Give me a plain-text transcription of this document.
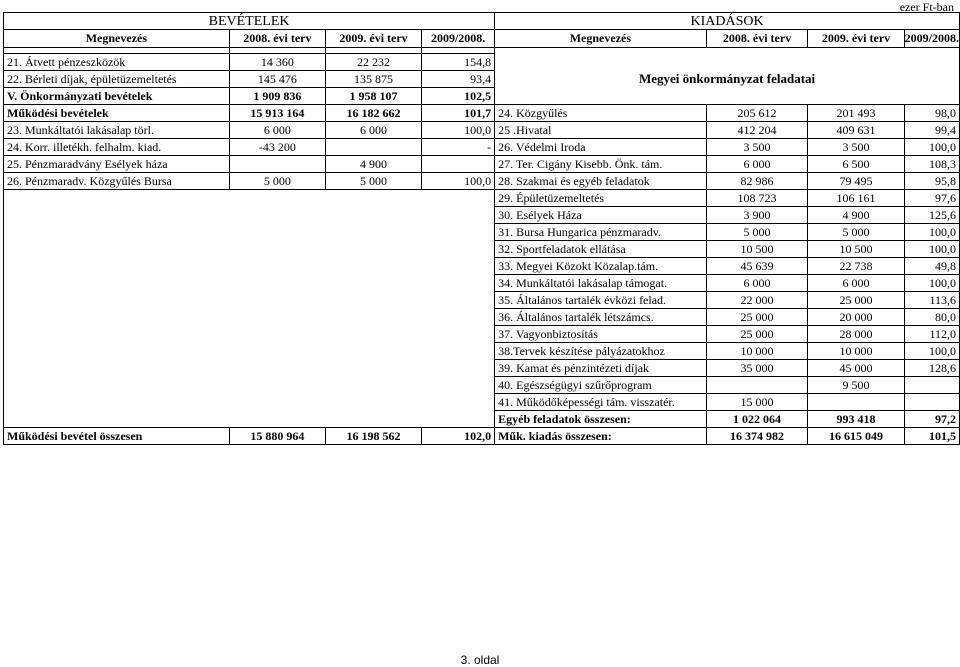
ezer Ft-ban
BEVÉTELEK				KIADÁSOK			
Megnevezés	2008. évi terv	2009. évi terv	2009/2008.	Megnevezés	2008. évi terv	2009. évi terv	2009/2008.

21. Átvett pénzeszközök	14 360	22 232	154,8	Megyei önkormányzat feladatai			
22. Bérleti díjak, épületüzemeltetés	145 476	135 875	93,4				
V. Önkormányzati bevételek	1 909 836	1 958 107	102,5				
Működési bevételek	15 913 164	16 182 662	101,7	24. Közgyűlés	205 612	201 493	98,0
23. Munkáltatói lakásalap törl.	6 000	6 000	100,0	25 .Hivatal	412 204	409 631	99,4
24. Korr. illetékh. felhalm. kiad.	-43 200		-	26. Védelmi Iroda	3 500	3 500	100,0
25. Pénzmaradvány Esélyek háza		4 900		27. Ter. Cigány Kisebb. Önk. tám.	6 000	6 500	108,3
26. Pénzmaradv. Közgyűlés Bursa	5 000	5 000	100,0	28. Szakmai és egyéb feladatok	82 986	79 495	95,8
				29. Épületüzemeltetés	108 723	106 161	97,6
				30. Esélyek Háza	3 900	4 900	125,6
				31. Bursa Hungarica pénzmaradv.	5 000	5 000	100,0
				32. Sportfeladatok ellátása	10 500	10 500	100,0
				33. Megyei Közokt Közalap.tám.	45 639	22 738	49,8
				34. Munkáltatói lakásalap támogat.	6 000	6 000	100,0
				35. Általános tartalék évközi felad.	22 000	25 000	113,6
				36. Általános tartalék létszámcs.	25 000	20 000	80,0
				37. Vagyonbiztosítás	25 000	28 000	112,0
				38.Tervek készítése pályázatokhoz	10 000	10 000	100,0
				39. Kamat és pénzintézeti díjak	35 000	45 000	128,6
				40. Egészségügyi szűrőprogram		9 500	
				41. Működőképességi tám. visszatér.	15 000		
				Egyéb feladatok összesen:	1 022 064	993 418	97,2
Működési bevétel összesen	15 880 964	16 198 562	102,0	Műk. kiadás összesen:	16 374 982	16 615 049	101,5
3. oldal
